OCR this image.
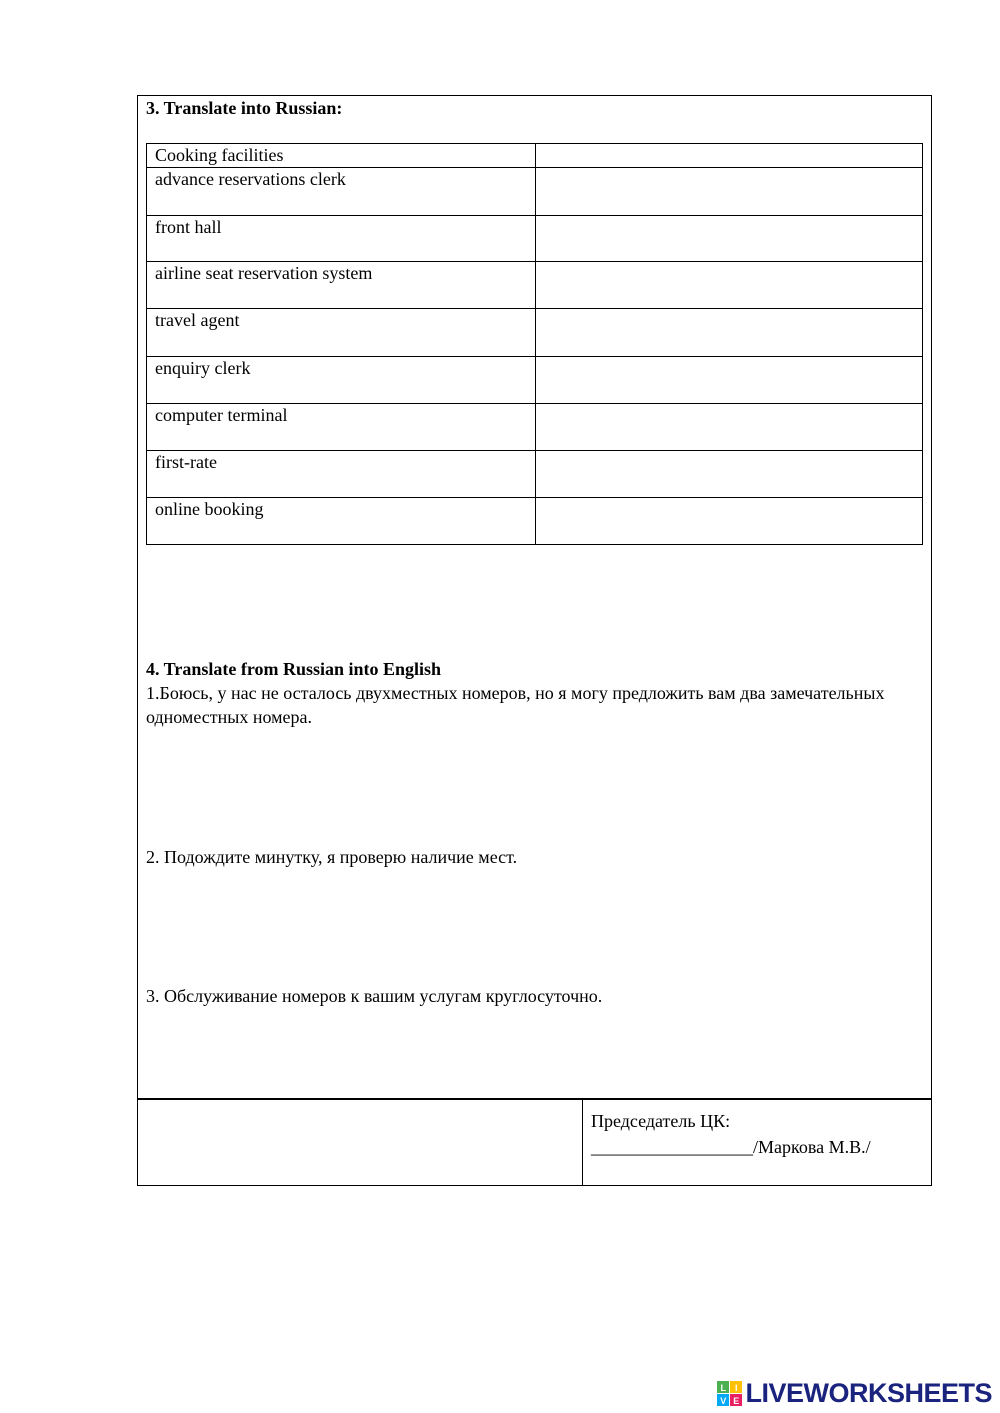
3. Translate into Russian:
Cooking facilities	
advance reservations clerk	
front hall	
airline seat reservation system	
travel agent	
enquiry clerk	
computer terminal	
first-rate	
online booking	
4. Translate from Russian into English
1.Боюсь, у нас не осталось двухместных номеров, но я могу предложить вам два замечательных одноместных номера.
2. Подождите минутку, я проверю наличие мест.
3. Обслуживание номеров к вашим услугам круглосуточно.
Председатель ЦК:
__________________/Маркова М.В./
L I
V E LIVEWORKSHEETS
